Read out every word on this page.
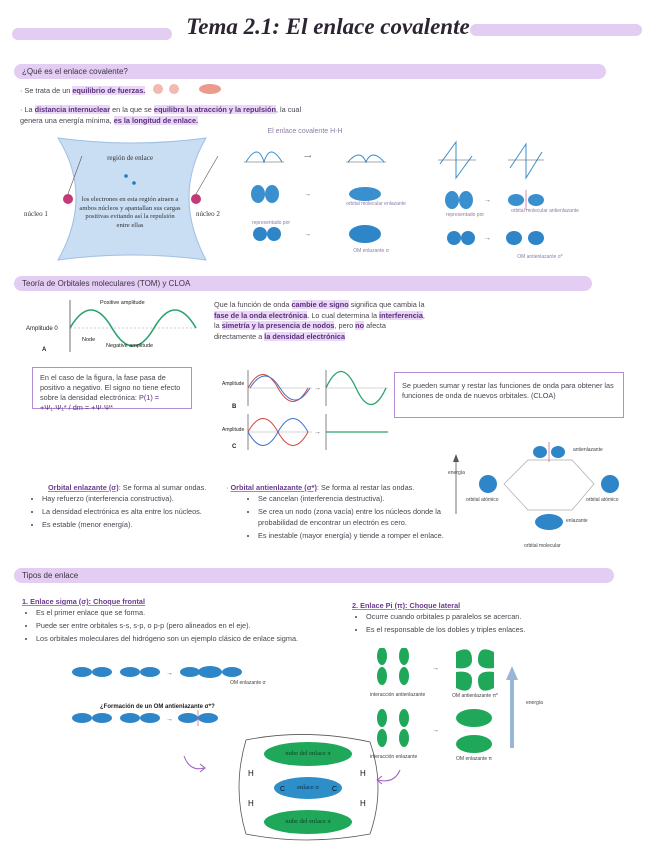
Tema 2.1: El enlace covalente
¿Qué es el enlace covalente?
· Se trata de un equilibrio de fuerzas.
· La distancia internuclear en la que se equilibra la atracción y la repulsión, la cual genera una energía mínima, es la longitud de enlace.
región de enlace
los electrones en esta región atraen a ambos núcleos y apantallan sus cargas positivas evitando así la repulsión entre ellas
núcleo 1	núcleo 2
El enlace covalente H-H
⟶
→
→
→
→
orbital molecular enlazante
orbital molecular antienlazante
representado por
representado por
OM enlazante σ
OM antienlazante σ*
Teoría de Orbitales moleculares (TOM) y CLOA
Amplitude 0
A
Positive amplitude
Negative amplitude
Node
En el caso de la figura, la fase pasa de positivo a negativo. El signo no tiene efecto sobre la densidad electrónica: P(1) = +Ψ₁·Ψ₁* / dm = +Ψ·Ψ*
Que la función de onda cambie de signo significa que cambia la fase de la onda electrónica. Lo cual determina la interferencia, la simetría y la presencia de nodos, pero no afecta directamente a la densidad electrónica
→
→
Amplitude
Amplitude
B
C
Se pueden sumar y restar las funciones de onda para obtener las funciones de onda de nuevos orbitales. (CLOA)
Orbital enlazante (σ): Se forma al sumar ondas.
• Hay refuerzo (interferencia constructiva).
• La densidad electrónica es alta entre los núcleos.
• Es estable (menor energía).
· Orbital antienlazante (σ*): Se forma al restar las ondas.
• Se cancelan (interferencia destructiva).
• Se crea un nodo (zona vacía) entre los núcleos donde la probabilidad de encontrar un electrón es cero.
• Es inestable (mayor energía) y tiende a romper el enlace.
antienlazante
enlazante
orbital atómico	orbital atómico
orbital molecular
energía
Tipos de enlace
1. Enlace sigma (σ): Choque frontal
• Es el primer enlace que se forma.
• Puede ser entre orbitales s-s, s-p, o p-p (pero alineados en el eje).
• Los orbitales moleculares del hidrógeno son un ejemplo clásico de enlace sigma.
2. Enlace Pi (π): Choque lateral
• Ocurre cuando orbitales p paralelos se acercan.
• Es el responsable de los dobles y triples enlaces.
→
→
OM enlazante σ
¿Formación de un OM antienlazante σ*?
H
H
H
H
C	C
nube del enlace π
enlace σ
nube del enlace π
→
→
interacción antienlazante	OM antienlazante π*
interacción enlazante	OM enlazante π
energía
